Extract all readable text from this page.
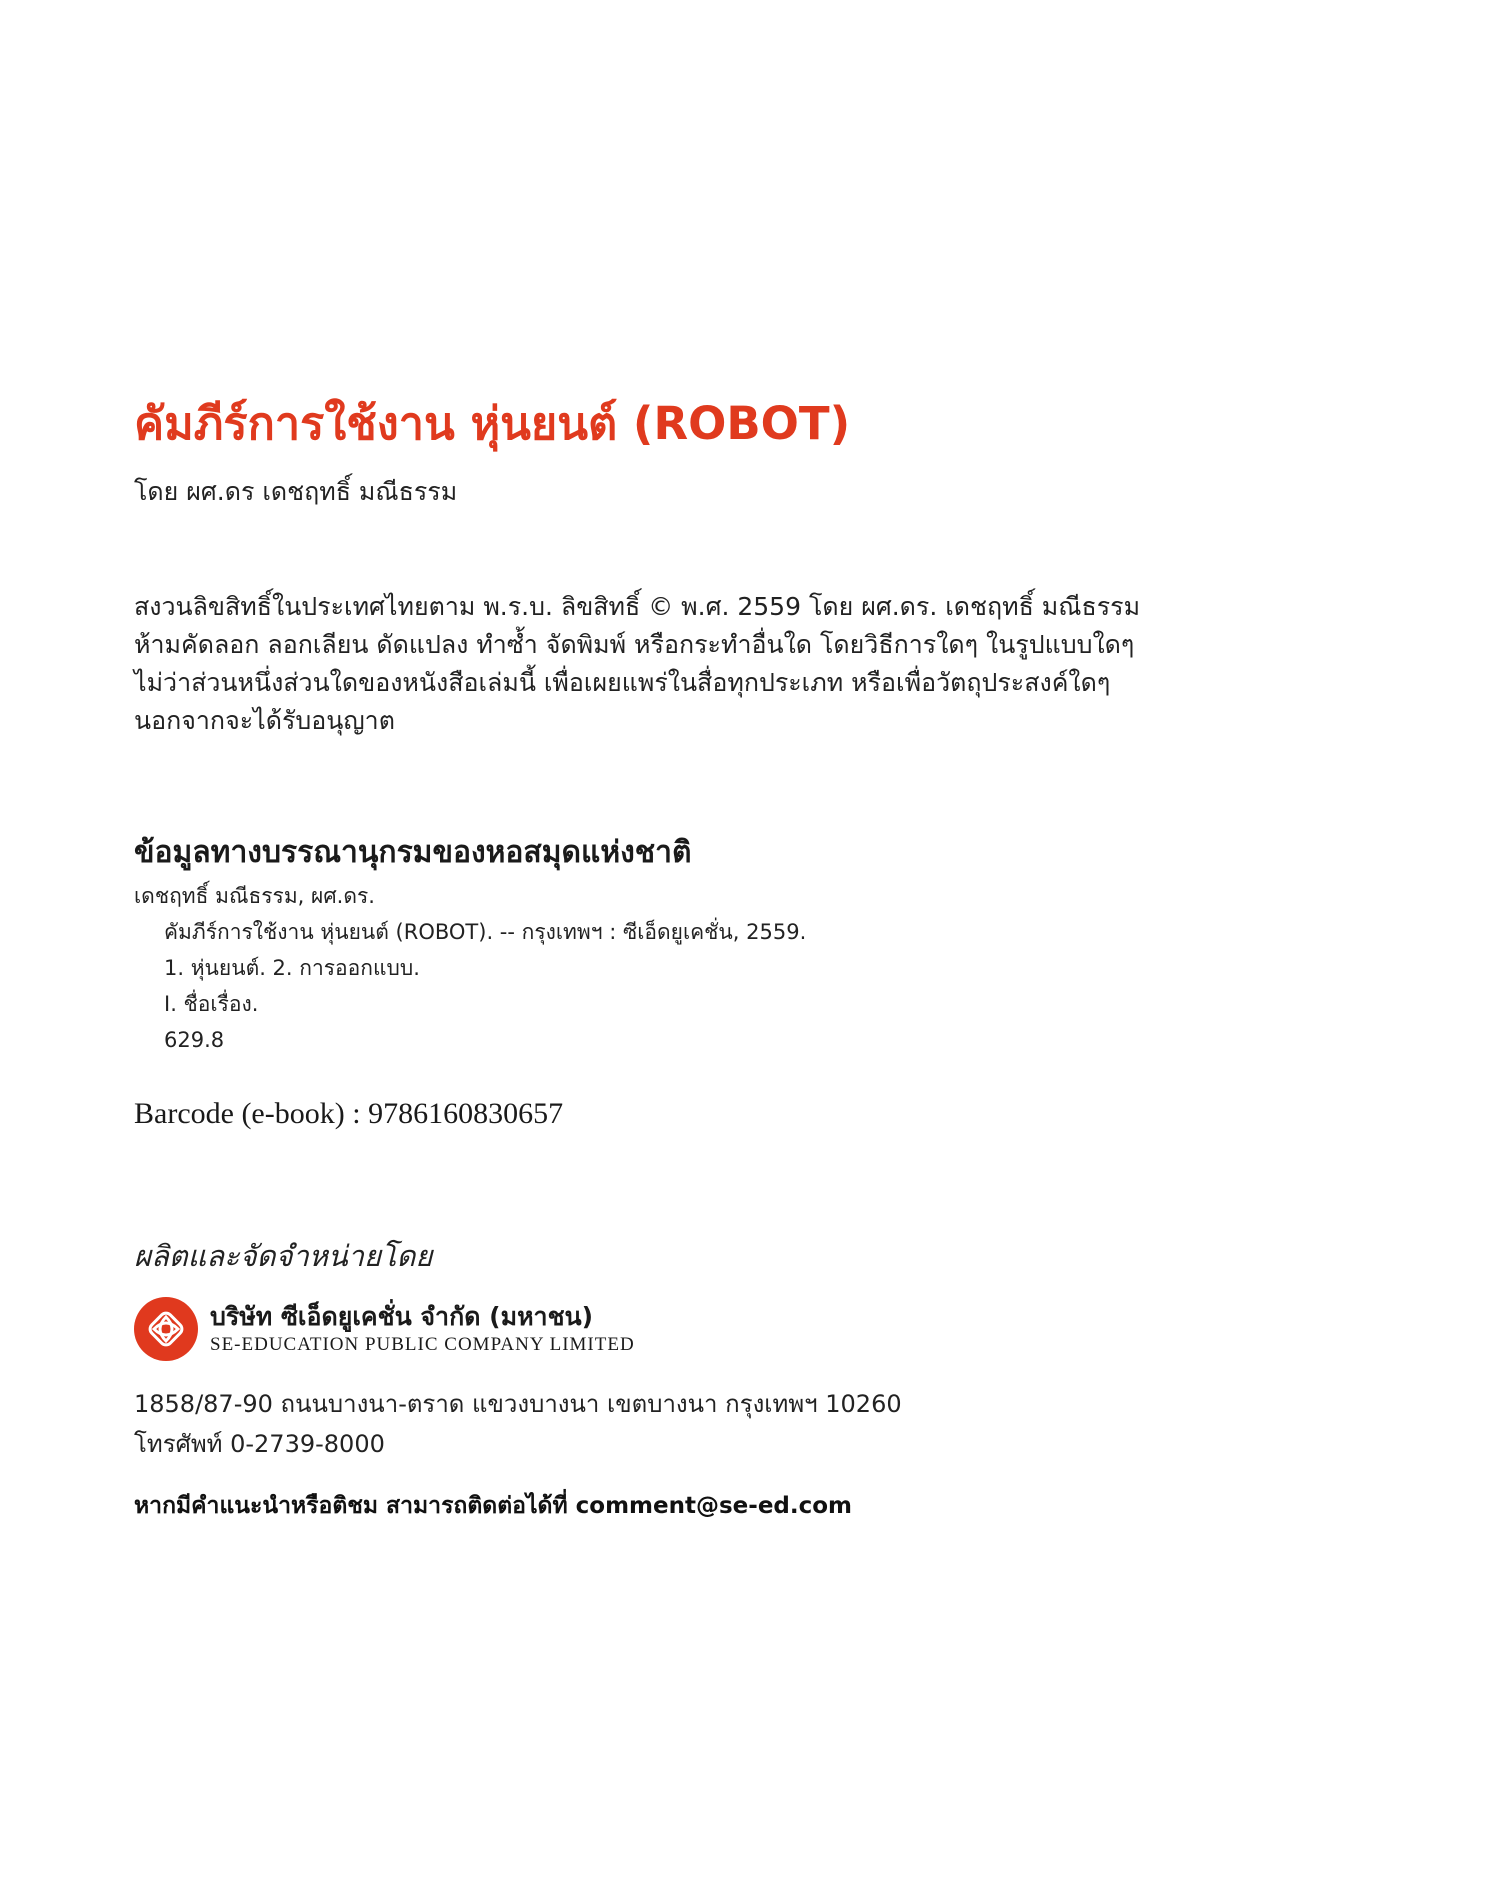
คัมภีร์การใช้งาน หุ่นยนต์ (ROBOT)
โดย ผศ.ดร เดชฤทธิ์ มณีธรรม
สงวนลิขสิทธิ์ในประเทศไทยตาม พ.ร.บ. ลิขสิทธิ์ © พ.ศ. 2559 โดย ผศ.ดร. เดชฤทธิ์ มณีธรรม
ห้ามคัดลอก ลอกเลียน ดัดแปลง ทำซ้ำ จัดพิมพ์ หรือกระทำอื่นใด โดยวิธีการใดๆ ในรูปแบบใดๆ
ไม่ว่าส่วนหนึ่งส่วนใดของหนังสือเล่มนี้ เพื่อเผยแพร่ในสื่อทุกประเภท หรือเพื่อวัตถุประสงค์ใดๆ
นอกจากจะได้รับอนุญาต
ข้อมูลทางบรรณานุกรมของหอสมุดแห่งชาติ
เดชฤทธิ์ มณีธรรม, ผศ.ดร.
คัมภีร์การใช้งาน หุ่นยนต์ (ROBOT). -- กรุงเทพฯ : ซีเอ็ดยูเคชั่น, 2559.
1. หุ่นยนต์. 2. การออกแบบ.
I. ชื่อเรื่อง.
629.8
Barcode (e-book) : 9786160830657
ผลิตและจัดจำหน่ายโดย
บริษัท ซีเอ็ดยูเคชั่น จำกัด (มหาชน)
SE-EDUCATION PUBLIC COMPANY LIMITED
1858/87-90 ถนนบางนา-ตราด แขวงบางนา เขตบางนา กรุงเทพฯ 10260
โทรศัพท์ 0-2739-8000
หากมีคำแนะนำหรือติชม สามารถติดต่อได้ที่ comment@se-ed.com
